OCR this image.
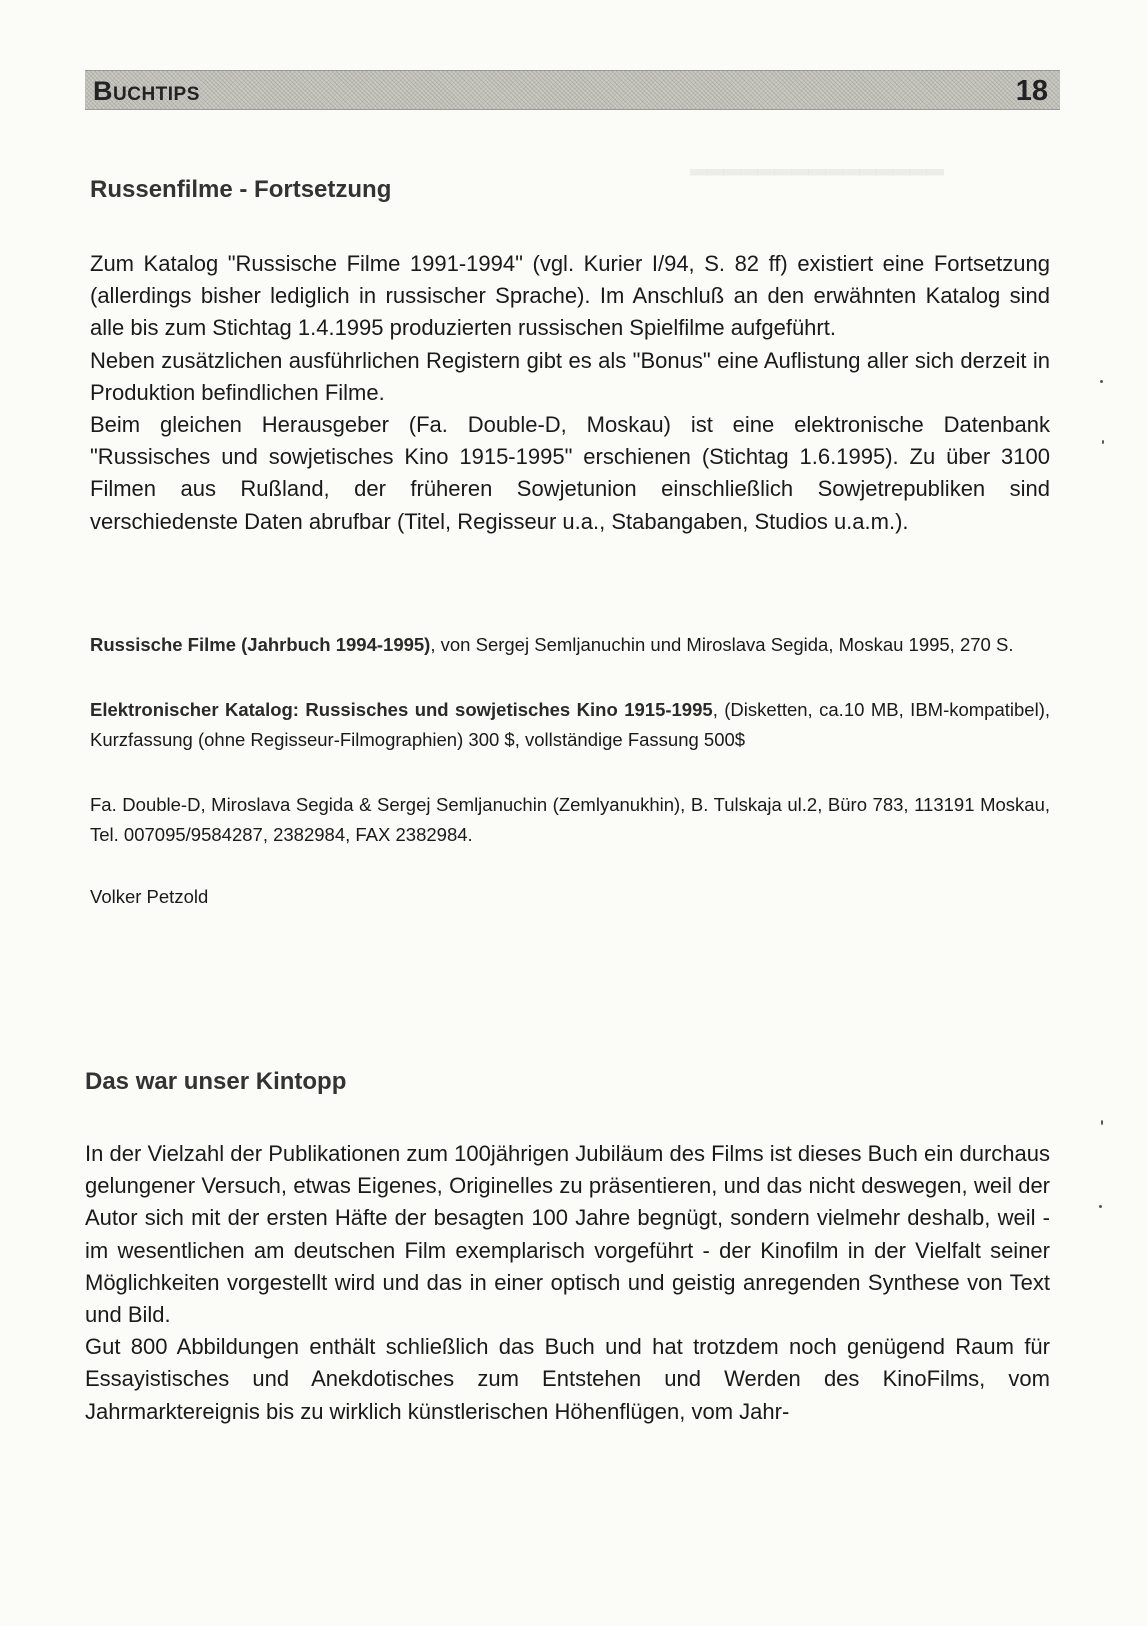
Buchtips	18
▂▂▂▂▂▂▂▂▂▂▂▂▂▂▂
Russenfilme - Fortsetzung

Zum Katalog "Russische Filme 1991-1994" (vgl. Kurier I/94, S. 82 ff) existiert eine Fortsetzung (allerdings bisher lediglich in russischer Sprache). Im Anschluß an den erwähnten Katalog sind alle bis zum Stichtag 1.4.1995 produzierten russischen Spielfilme aufgeführt.

Neben zusätzlichen ausführlichen Registern gibt es als "Bonus" eine Auflistung aller sich derzeit in Produktion befindlichen Filme.

Beim gleichen Herausgeber (Fa. Double-D, Moskau) ist eine elektronische Datenbank "Russisches und sowjetisches Kino 1915-1995" erschienen (Stichtag 1.6.1995). Zu über 3100 Filmen aus Rußland, der früheren Sowjetunion einschließlich Sowjetrepubliken sind verschiedenste Daten abrufbar (Titel, Regisseur u.a., Stabangaben, Studios u.a.m.).

Russische Filme (Jahrbuch 1994-1995), von Sergej Semljanuchin und Miroslava Segida, Moskau 1995, 270 S.

Elektronischer Katalog: Russisches und sowjetisches Kino 1915-1995, (Disketten, ca.10 MB, IBM-kompatibel), Kurzfassung (ohne Regisseur-Filmographien) 300 $, vollständige Fassung 500$

Fa. Double-D, Miroslava Segida & Sergej Semljanuchin (Zemlyanukhin), B. Tulskaja ul.2, Büro 783, 113191 Moskau, Tel. 007095/9584287, 2382984, FAX 2382984.

Volker Petzold

Das war unser Kintopp

In der Vielzahl der Publikationen zum 100jährigen Jubiläum des Films ist dieses Buch ein durchaus gelungener Versuch, etwas Eigenes, Originelles zu präsentieren, und das nicht deswegen, weil der Autor sich mit der ersten Häfte der besagten 100 Jahre begnügt, sondern vielmehr deshalb, weil - im wesentlichen am deutschen Film exemplarisch vorgeführt - der Kinofilm in der Vielfalt seiner Möglichkeiten vorgestellt wird und das in einer optisch und geistig anregenden Synthese von Text und Bild.

Gut 800 Abbildungen enthält schließlich das Buch und hat trotzdem noch genügend Raum für Essayistisches und Anekdotisches zum Entstehen und Werden des KinoFilms, vom Jahrmarktereignis bis zu wirklich künstlerischen Höhenflügen, vom Jahr-
